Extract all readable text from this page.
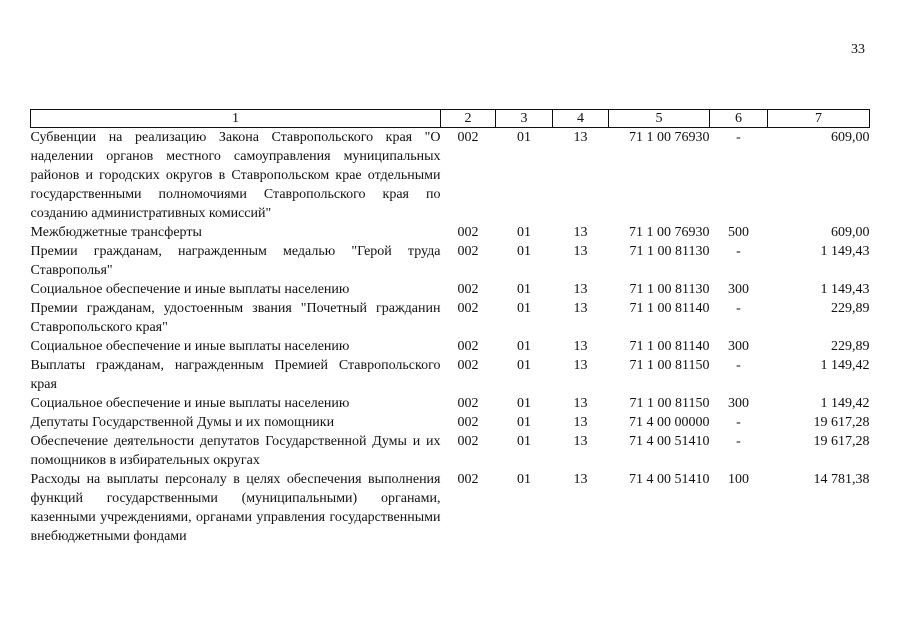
33
1	2	3	4	5	6	7
Субвенции на реализацию Закона Ставропольского края "О наделении органов местного самоуправления муниципальных районов и городских округов в Ставропольском крае отдельными государственными полномочиями Ставропольского края по созданию административных комиссий"	002	01	13	71 1 00 76930	-	609,00
Межбюджетные трансферты	002	01	13	71 1 00 76930	500	609,00
Премии гражданам, награжденным медалью "Герой труда Ставрополья"	002	01	13	71 1 00 81130	-	1 149,43
Социальное обеспечение и иные выплаты населению	002	01	13	71 1 00 81130	300	1 149,43
Премии гражданам, удостоенным звания "Почетный гражданин Ставропольского края"	002	01	13	71 1 00 81140	-	229,89
Социальное обеспечение и иные выплаты населению	002	01	13	71 1 00 81140	300	229,89
Выплаты гражданам, награжденным Премией Ставропольского края	002	01	13	71 1 00 81150	-	1 149,42
Социальное обеспечение и иные выплаты населению	002	01	13	71 1 00 81150	300	1 149,42
Депутаты Государственной Думы и их помощники	002	01	13	71 4 00 00000	-	19 617,28
Обеспечение деятельности депутатов Государственной Думы и их помощников в избирательных округах	002	01	13	71 4 00 51410	-	19 617,28
Расходы на выплаты персоналу в целях обеспечения выполнения функций государственными (муниципальными) органами, казенными учреждениями, органами управления государственными внебюджетными фондами	002	01	13	71 4 00 51410	100	14 781,38
